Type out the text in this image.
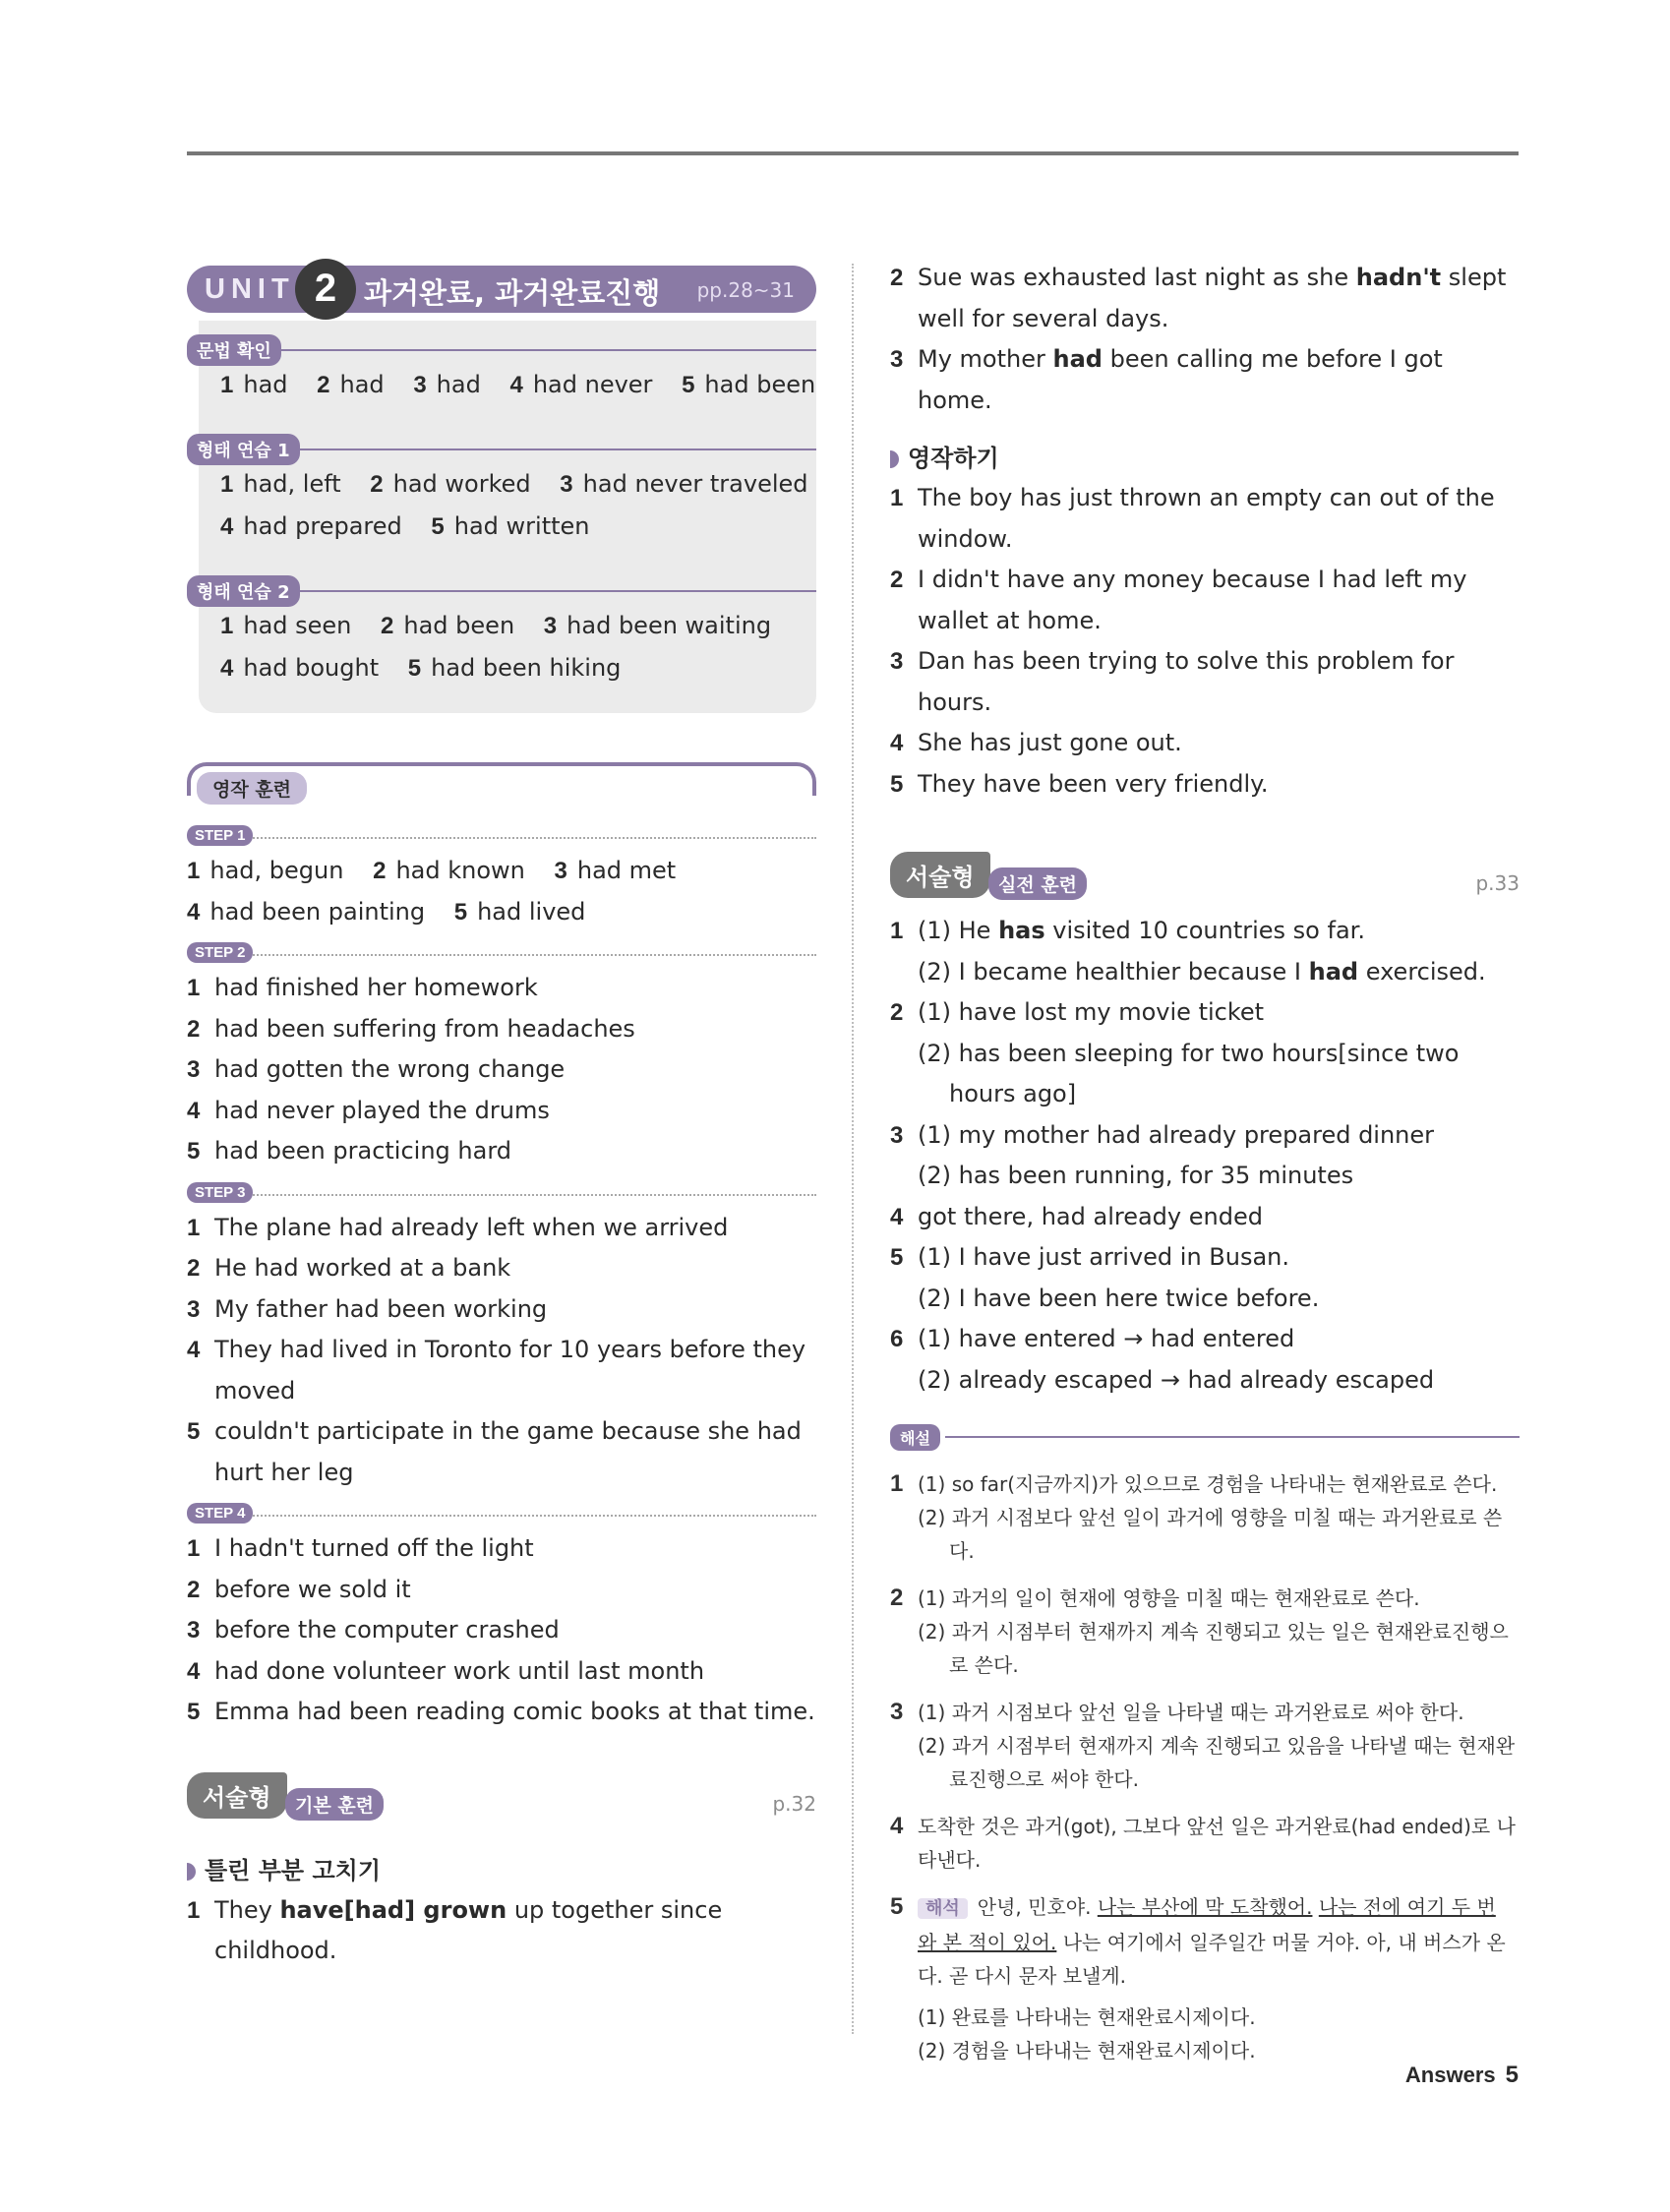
UNIT 2 과거완료, 과거완료진행 pp.28~31
문법 확인
1 had 2 had 3 had 4 had never 5 had been
형태 연습 1
1 had, left 2 had worked 3 had never traveled
4 had prepared 5 had written
형태 연습 2
1 had seen 2 had been 3 had been waiting
4 had bought 5 had been hiking
영작 훈련
STEP 1
1 had, begun 2 had known 3 had met
4 had been painting 5 had lived
STEP 2
1 had finished her homework
2 had been suffering from headaches
3 had gotten the wrong change
4 had never played the drums
5 had been practicing hard
STEP 3
1 The plane had already left when we arrived
2 He had worked at a bank
3 My father had been working
4 They had lived in Toronto for 10 years before they moved
5 couldn't participate in the game because she had hurt her leg
STEP 4
1 I hadn't turned off the light
2 before we sold it
3 before the computer crashed
4 had done volunteer work until last month
5 Emma had been reading comic books at that time.
서술형	기본 훈련	p.32
틀린 부분 고치기
1 They have[had] grown up together since childhood.
2 Sue was exhausted last night as she hadn't slept well for several days.
3 My mother had been calling me before I got home.
영작하기
1 The boy has just thrown an empty can out of the window.
2 I didn't have any money because I had left my wallet at home.
3 Dan has been trying to solve this problem for hours.
4 She has just gone out.
5 They have been very friendly.
서술형	실전 훈련	p.33
1 (1) He has visited 10 countries so far.
(2) I became healthier because I had exercised.
2 (1) have lost my movie ticket
(2) has been sleeping for two hours[since two hours ago]
3 (1) my mother had already prepared dinner
(2) has been running, for 35 minutes
4 got there, had already ended
5 (1) I have just arrived in Busan.
(2) I have been here twice before.
6 (1) have entered → had entered
(2) already escaped → had already escaped
해설
1 (1) so far(지금까지)가 있으므로 경험을 나타내는 현재완료로 쓴다.
(2) 과거 시점보다 앞선 일이 과거에 영향을 미칠 때는 과거완료로 쓴다.
2 (1) 과거의 일이 현재에 영향을 미칠 때는 현재완료로 쓴다.
(2) 과거 시점부터 현재까지 계속 진행되고 있는 일은 현재완료진행으로 쓴다.
3 (1) 과거 시점보다 앞선 일을 나타낼 때는 과거완료로 써야 한다.
(2) 과거 시점부터 현재까지 계속 진행되고 있음을 나타낼 때는 현재완료진행으로 써야 한다.
4 도착한 것은 과거(got), 그보다 앞선 일은 과거완료(had ended)로 나타낸다.
5	해석 안녕, 민호야. 나는 부산에 막 도착했어. 나는 전에 여기 두 번 와 본 적이 있어. 나는 여기에서 일주일간 머물 거야. 아, 내 버스가 온다. 곧 다시 문자 보낼게.
(1) 완료를 나타내는 현재완료시제이다.
(2) 경험을 나타내는 현재완료시제이다.
Answers 5
